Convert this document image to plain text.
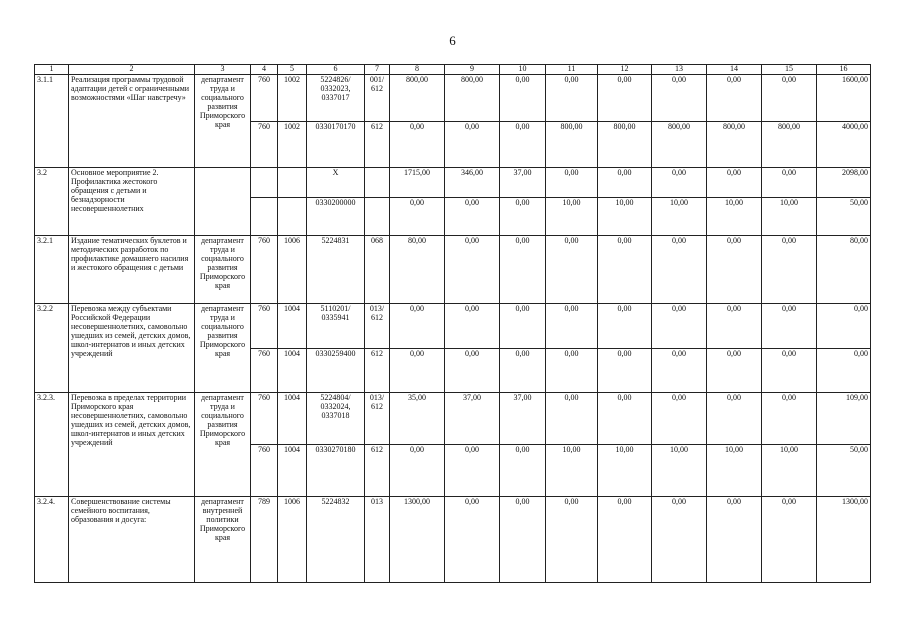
6
1	2	3	4	5	6	7	8	9	10	11	12	13	14	15	16
3.1.1	Реализация программы трудовой адаптации детей с ограниченными возможностями «Шаг навстречу»	департамент труда и социального развития Приморского края	760	1002	5224826/ 0332023, 0337017	001/ 612	800,00	800,00	0,00	0,00	0,00	0,00	0,00	0,00	1600,00
			760	1002	0330170170	612	0,00	0,00	0,00	800,00	800,00	800,00	800,00	800,00	4000,00
3.2	Основное мероприятие 2. Профилактика жестокого обращения с детьми и безнадзорности несовершеннолетних				X		1715,00	346,00	37,00	0,00	0,00	0,00	0,00	0,00	2098,00
					0330200000		0,00	0,00	0,00	10,00	10,00	10,00	10,00	10,00	50,00
3.2.1	Издание тематических буклетов и методических разработок по профилактике домашнего насилия и жестокого обращения с детьми	департамент труда и социального развития Приморского края	760	1006	5224831	068	80,00	0,00	0,00	0,00	0,00	0,00	0,00	0,00	80,00
3.2.2	Перевозка между субъектами Российской Федерации несовершеннолетних, самовольно ушедших из семей, детских домов, школ-интернатов и иных детских учреждений	департамент труда и социального развития Приморского края	760	1004	5110201/ 0335941	013/ 612	0,00	0,00	0,00	0,00	0,00	0,00	0,00	0,00	0,00
			760	1004	0330259400	612	0,00	0,00	0,00	0,00	0,00	0,00	0,00	0,00	0,00
3.2.3.	Перевозка в пределах территории Приморского края несовершеннолетних, самовольно ушедших из семей, детских домов, школ-интернатов и иных детских учреждений	департамент труда и социального развития Приморского края	760	1004	5224804/ 0332024, 0337018	013/ 612	35,00	37,00	37,00	0,00	0,00	0,00	0,00	0,00	109,00
			760	1004	0330270180	612	0,00	0,00	0,00	10,00	10,00	10,00	10,00	10,00	50,00
3.2.4.	Совершенствование системы семейного воспитания, образования и досуга:	департамент внутренней политики Приморского края	789	1006	5224832	013	1300,00	0,00	0,00	0,00	0,00	0,00	0,00	0,00	1300,00
